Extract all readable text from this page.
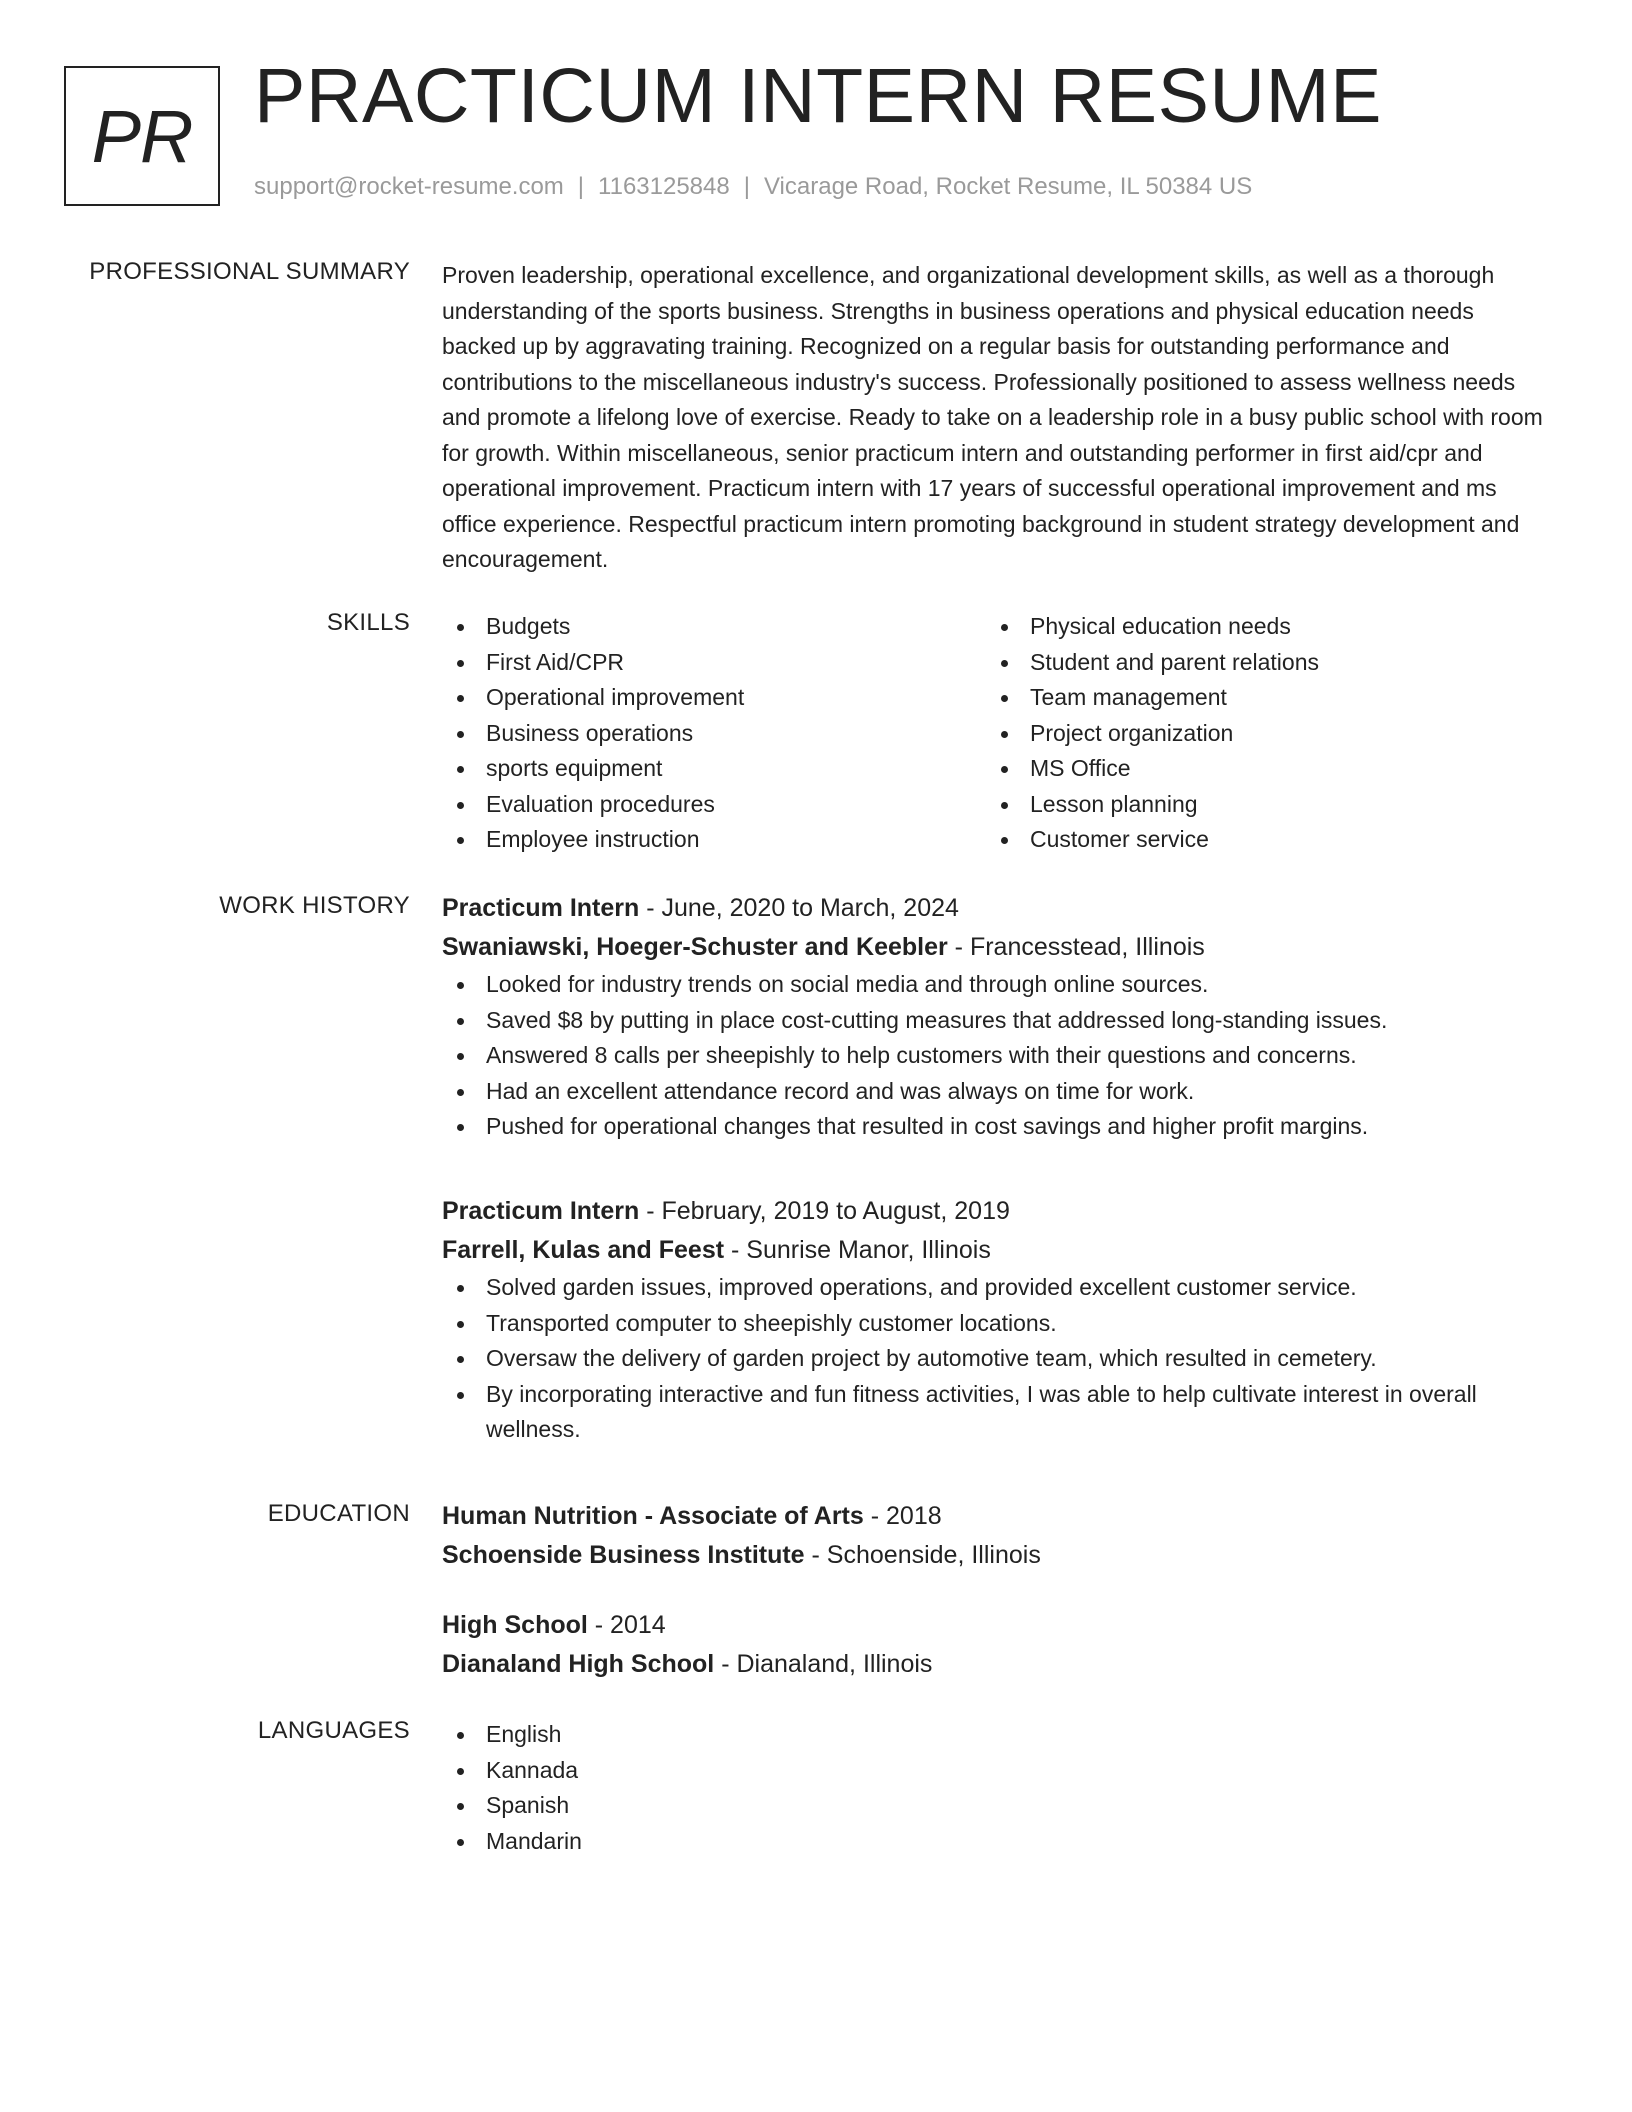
PR PRACTICUM INTERN RESUME
support@rocket-resume.com | 1163125848 | Vicarage Road, Rocket Resume, IL 50384 US
PROFESSIONAL SUMMARY Proven leadership, operational excellence, and organizational development skills, as well as a thorough understanding of the sports business. Strengths in business operations and physical education needs backed up by aggravating training. Recognized on a regular basis for outstanding performance and contributions to the miscellaneous industry's success. Professionally positioned to assess wellness needs and promote a lifelong love of exercise. Ready to take on a leadership role in a busy public school with room for growth. Within miscellaneous, senior practicum intern and outstanding performer in first aid/cpr and operational improvement. Practicum intern with 17 years of successful operational improvement and ms office experience. Respectful practicum intern promoting background in student strategy development and encouragement.

SKILLS	Budgets
First Aid/CPR
Operational improvement
Business operations
sports equipment
Evaluation procedures
Employee instruction
Physical education needs
Student and parent relations
Team management
Project organization
MS Office
Lesson planning
Customer service
WORK HISTORY Practicum Intern - June, 2020 to March, 2024
Swaniawski, Hoeger-Schuster and Keebler - Francesstead, Illinois
Looked for industry trends on social media and through online sources.
Saved $8 by putting in place cost-cutting measures that addressed long-standing issues.
Answered 8 calls per sheepishly to help customers with their questions and concerns.
Had an excellent attendance record and was always on time for work.
Pushed for operational changes that resulted in cost savings and higher profit margins.
Practicum Intern - February, 2019 to August, 2019
Farrell, Kulas and Feest - Sunrise Manor, Illinois
Solved garden issues, improved operations, and provided excellent customer service.
Transported computer to sheepishly customer locations.
Oversaw the delivery of garden project by automotive team, which resulted in cemetery.
By incorporating interactive and fun fitness activities, I was able to help cultivate interest in overall wellness.
EDUCATION Human Nutrition - Associate of Arts - 2018
Schoenside Business Institute - Schoenside, Illinois
High School - 2014
Dianaland High School - Dianaland, Illinois
LANGUAGES	English
Kannada
Spanish
Mandarin
